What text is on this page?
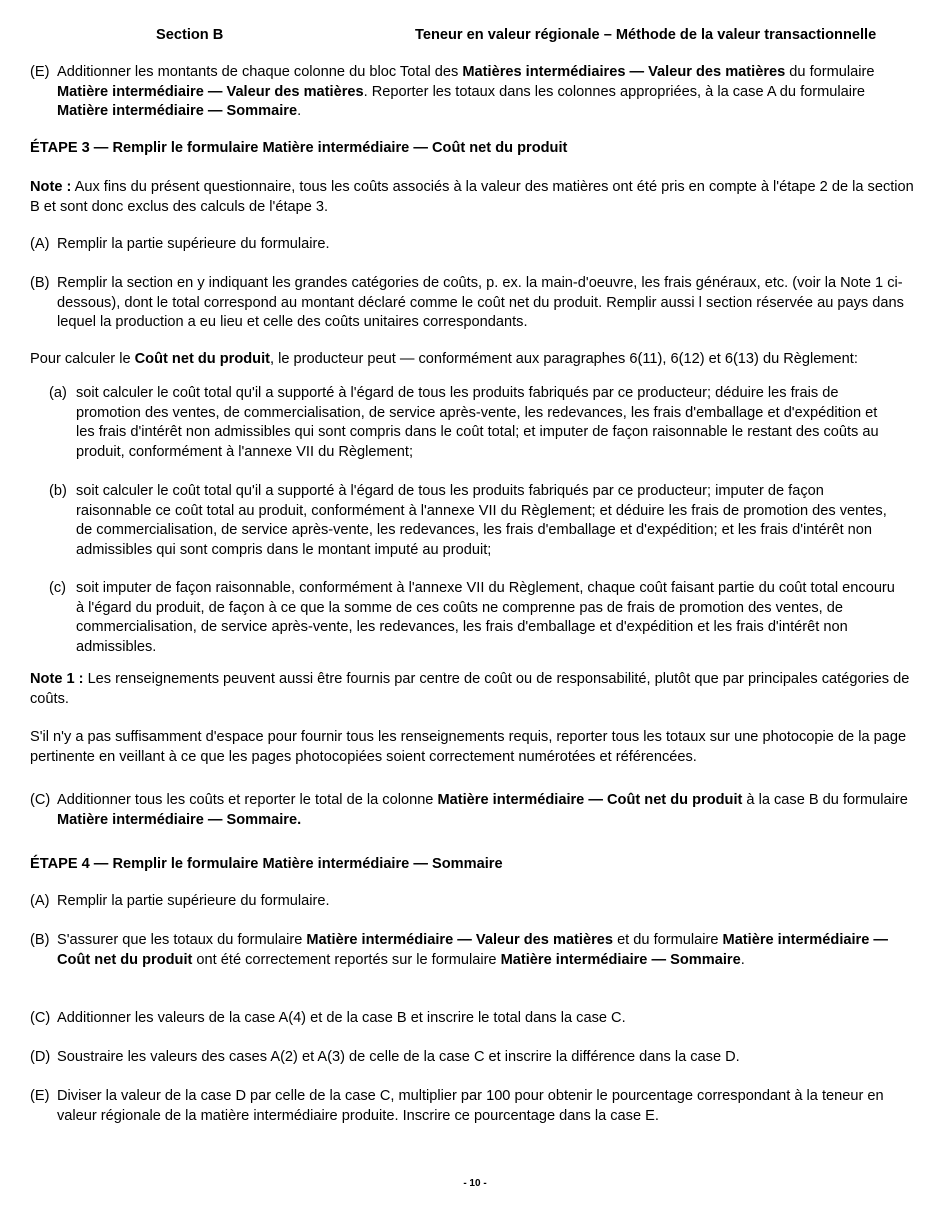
Section B	Teneur en valeur régionale – Méthode de la valeur transactionnelle
(E) Additionner les montants de chaque colonne du bloc Total des Matières intermédiaires — Valeur des matières du formulaire Matière intermédiaire — Valeur des matières. Reporter les totaux dans les colonnes appropriées, à la case A du formulaire Matière intermédiaire — Sommaire.
ÉTAPE 3 — Remplir le formulaire Matière intermédiaire — Coût net du produit
Note : Aux fins du présent questionnaire, tous les coûts associés à la valeur des matières ont été pris en compte à l'étape 2 de la section B et sont donc exclus des calculs de l'étape 3.
(A) Remplir la partie supérieure du formulaire.
(B) Remplir la section en y indiquant les grandes catégories de coûts, p. ex. la main-d'oeuvre, les frais généraux, etc. (voir la Note 1 ci-dessous), dont le total correspond au montant déclaré comme le coût net du produit. Remplir aussi l section réservée au pays dans lequel la production a eu lieu et celle des coûts unitaires correspondants.
Pour calculer le Coût net du produit, le producteur peut — conformément aux paragraphes 6(11), 6(12) et 6(13) du Règlement:
(a) soit calculer le coût total qu'il a supporté à l'égard de tous les produits fabriqués par ce producteur; déduire les frais de promotion des ventes, de commercialisation, de service après-vente, les redevances, les frais d'emballage et d'expédition et les frais d'intérêt non admissibles qui sont compris dans le coût total; et imputer de façon raisonnable le restant des coûts au produit, conformément à l'annexe VII du Règlement;
(b) soit calculer le coût total qu'il a supporté à l'égard de tous les produits fabriqués par ce producteur; imputer de façon raisonnable ce coût total au produit, conformément à l'annexe VII du Règlement; et déduire les frais de promotion des ventes, de commercialisation, de service après-vente, les redevances, les frais d'emballage et d'expédition; et les frais d'intérêt non admissibles qui sont compris dans le montant imputé au produit;
(c) soit imputer de façon raisonnable, conformément à l'annexe VII du Règlement, chaque coût faisant partie du coût total encouru à l'égard du produit, de façon à ce que la somme de ces coûts ne comprenne pas de frais de promotion des ventes, de commercialisation, de service après-vente, les redevances, les frais d'emballage et d'expédition et les frais d'intérêt non admissibles.
Note 1 : Les renseignements peuvent aussi être fournis par centre de coût ou de responsabilité, plutôt que par principales catégories de coûts.
S'il n'y a pas suffisamment d'espace pour fournir tous les renseignements requis, reporter tous les totaux sur une photocopie de la page pertinente en veillant à ce que les pages photocopiées soient correctement numérotées et référencées.
(C) Additionner tous les coûts et reporter le total de la colonne Matière intermédiaire — Coût net du produit à la case B du formulaire Matière intermédiaire — Sommaire.
ÉTAPE 4 — Remplir le formulaire Matière intermédiaire — Sommaire
(A) Remplir la partie supérieure du formulaire.
(B) S'assurer que les totaux du formulaire Matière intermédiaire — Valeur des matières et du formulaire Matière intermédiaire — Coût net du produit ont été correctement reportés sur le formulaire Matière intermédiaire — Sommaire.
(C) Additionner les valeurs de la case A(4) et de la case B et inscrire le total dans la case C.
(D) Soustraire les valeurs des cases A(2) et A(3) de celle de la case C et inscrire la différence dans la case D.
(E) Diviser la valeur de la case D par celle de la case C, multiplier par 100 pour obtenir le pourcentage correspondant à la teneur en valeur régionale de la matière intermédiaire produite. Inscrire ce pourcentage dans la case E.
- 10 -
